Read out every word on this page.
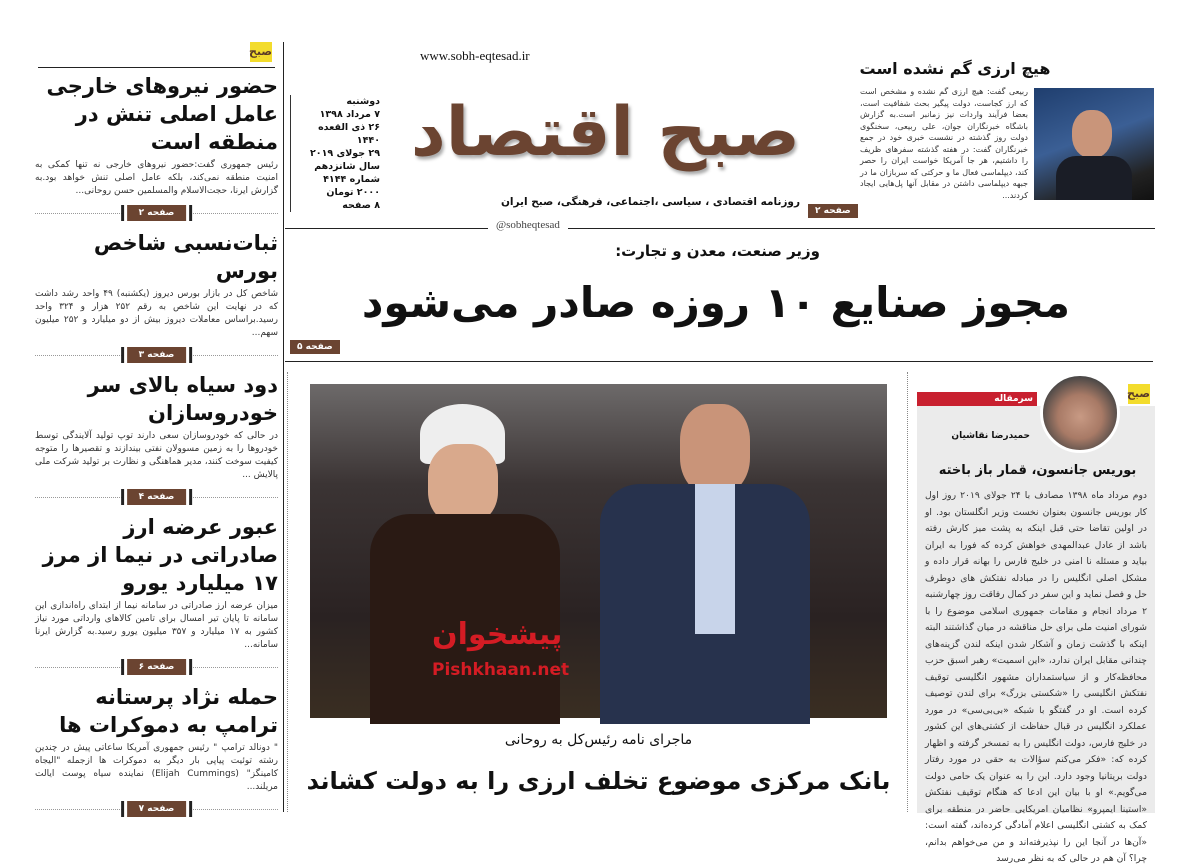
صبح
حضور نیروهای خارجی عامل اصلی تنش در منطقه است
رئیس جمهوری گفت:حضور نیروهای خارجی نه تنها کمکی به امنیت منطقه نمی‌کند، بلکه عامل اصلی تنش خواهد بود.به گزارش ایرنا، حجت‌الاسلام والمسلمین حسن روحانی...
صفحه ۲
ثبات‌نسبی شاخص بورس
شاخص کل در بازار بورس دیروز (یکشنبه) ۴۹ واحد رشد داشت که در نهایت این شاخص به رقم ۲۵۲ هزار و ۳۲۴ واحد رسید.براساس معاملات دیروز بیش از دو میلیارد و ۲۵۲ میلیون سهم...
صفحه ۳
دود سیاه بالای سر خودروسازان
در حالی که خودروسازان سعی دارند توپ تولید آلایندگی توسط خودروها را به زمین مسوولان نفتی بیندازند و تقصیرها را متوجه کیفیت سوخت کنند، مدیر هماهنگی و نظارت بر تولید شرکت ملی پالایش ...
صفحه ۴
عبور عرضه ارز صادراتی در نیما از مرز ۱۷ میلیارد یورو
میزان عرضه ارز صادراتی در سامانه نیما از ابتدای راه‌اندازی این سامانه تا پایان تیر امسال برای تامین کالاهای وارداتی مورد نیاز کشور به ۱۷ میلیارد و ۳۵۷ میلیون یورو رسید.به گزارش ایرنا سامانه...
صفحه ۶
حمله نژاد پرستانه ترامپ به دموکرات ها
" دونالد ترامپ " رئیس جمهوری آمریکا ساعاتی پیش در چندین رشته توئیت پیاپی بار دیگر به دموکرات ها ازجمله "الیجاه کامینگز" (Elijah Cummings) نماینده سیاه پوست ایالت مریلند...
صفحه ۷
www.sobh-eqtesad.ir
صبح اقتصاد
دوشنبه
۷ مرداد ۱۳۹۸
۲۶ ذی القعده ۱۴۴۰
۲۹ جولای ۲۰۱۹
سال شانزدهم
شماره ۴۱۴۴
۲۰۰۰ تومان
۸ صفحه	روزنامه اقتصادی ، سیاسی ،اجتماعی، فرهنگی، صبح ایران
@sobheqtesad
هیچ ارزی گم نشده است
ربیعی گفت: هیچ ارزی گم نشده و مشخص است که ارز کجاست، دولت پیگیر بحث شفافیت است، بعضا فرآیند واردات نیز زمانبر است.به گزارش باشگاه خبرنگاران جوان، علی ربیعی، سخنگوی دولت روز گذشته در نشست خبری خود در جمع خبرنگاران گفت: در هفته گذشته سفرهای ظریف را داشتیم، هر جا آمریکا خواست ایران را حصر کند، دیپلماسی فعال ما و حرکتی که سربازان ما در جبهه دیپلماسی داشتن در مقابل آنها پل‌هایی ایجاد کردند...
صفحه ۲
وزیر صنعت، معدن و تجارت:
مجوز صنایع ۱۰ روزه صادر می‌شود
صفحه ۵
پیشخوان
Pishkhaan.net
ماجرای نامه رئیس‌کل به روحانی
بانک مرکزی موضوع تخلف ارزی را به دولت کشاند
صبح
سرمقاله
حمیدرضا نقاشیان
بوریس جانسون، قمار باز باخته
دوم مرداد ماه ۱۳۹۸ مصادف با ۲۴ جولای ۲۰۱۹ روز اول کار بوریس جانسون بعنوان نخست وزیر انگلستان بود. او در اولین تقاضا حتی قبل اینکه به پشت میز کارش رفته باشد از عادل عبدالمهدی خواهش کرده که فورا به ایران بیاید و مسئله نا امنی در خلیج فارس را بهانه قرار داده و مشکل اصلی انگلیس را در مبادله نفتکش های دوطرف حل و فصل نماید و این سفر در کمال رفاقت روز چهارشنبه ۲ مرداد انجام و مقامات جمهوری اسلامی موضوع را با شورای امنیت ملی برای حل مناقشه در میان گذاشتند البته اینکه با گذشت زمان و آشکار شدن اینکه لندن گزینه‌های چندانی مقابل ایران ندارد، «این اسمیت» رهبر اسبق حزب محافظه‌کار و از سیاستمداران مشهور انگلیسی توقیف نفتکش انگلیسی را «شکستی بزرگ» برای لندن توصیف کرده است. او در گفتگو با شبکه «بی‌بی‌سی» در مورد عملکرد انگلیس در قبال حفاظت از کشتی‌های این کشور در خلیج فارس، دولت انگلیس را به تمسخر گرفته و اظهار کرده که: «فکر می‌کنم سؤالات به حقی در مورد رفتار دولت بریتانیا وجود دارد. این را به عنوان یک حامی دولت می‌گویم.» او با بیان این ادعا که هنگام توقیف نفتکش «استینا ایمپرو» نظامیان امریکایی حاضر در منطقه برای کمک به کشتی انگلیسی اعلام آمادگی کرده‌اند، گفته است: «آن‌ها در آنجا این را نپذیرفته‌اند و من می‌خواهم بدانم، چرا؟ آن هم در حالی که به نظر می‌رسد
